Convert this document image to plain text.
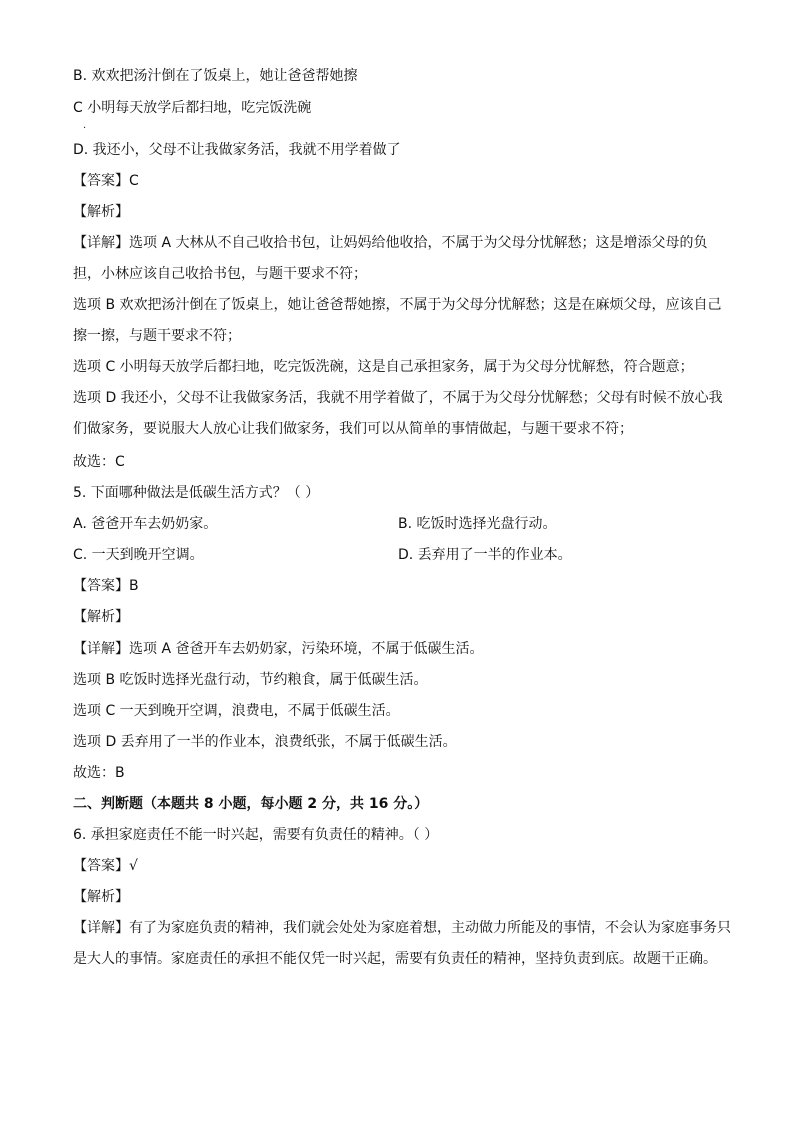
B. 欢欢把汤汁倒在了饭桌上，她让爸爸帮她擦
C 小明每天放学后都扫地，吃完饭洗碗
.
D. 我还小，父母不让我做家务活，我就不用学着做了
【答案】C
【解析】
【详解】选项 A 大林从不自己收拾书包，让妈妈给他收拾，不属于为父母分忧解愁；这是增添父母的负担，小林应该自己收拾书包，与题干要求不符；
选项 B 欢欢把汤汁倒在了饭桌上，她让爸爸帮她擦，不属于为父母分忧解愁；这是在麻烦父母，应该自己擦一擦，与题干要求不符；
选项 C 小明每天放学后都扫地，吃完饭洗碗，这是自己承担家务，属于为父母分忧解愁，符合题意；
选项 D 我还小，父母不让我做家务活，我就不用学着做了，不属于为父母分忧解愁；父母有时候不放心我们做家务，要说服大人放心让我们做家务，我们可以从简单的事情做起，与题干要求不符；
故选：C
5. 下面哪种做法是低碳生活方式？（ ）
A. 爸爸开车去奶奶家。	B. 吃饭时选择光盘行动。
C. 一天到晚开空调。	D. 丢弃用了一半的作业本。
【答案】B
【解析】
【详解】选项 A 爸爸开车去奶奶家，污染环境，不属于低碳生活。
选项 B 吃饭时选择光盘行动，节约粮食，属于低碳生活。
选项 C 一天到晚开空调，浪费电，不属于低碳生活。
选项 D 丢弃用了一半的作业本，浪费纸张，不属于低碳生活。
故选：B
二、判断题（本题共 8 小题，每小题 2 分，共 16 分。）
6. 承担家庭责任不能一时兴起，需要有负责任的精神。（ ）
【答案】√
【解析】
【详解】有了为家庭负责的精神，我们就会处处为家庭着想，主动做力所能及的事情，不会认为家庭事务只是大人的事情。家庭责任的承担不能仅凭一时兴起，需要有负责任的精神，坚持负责到底。故题干正确。
